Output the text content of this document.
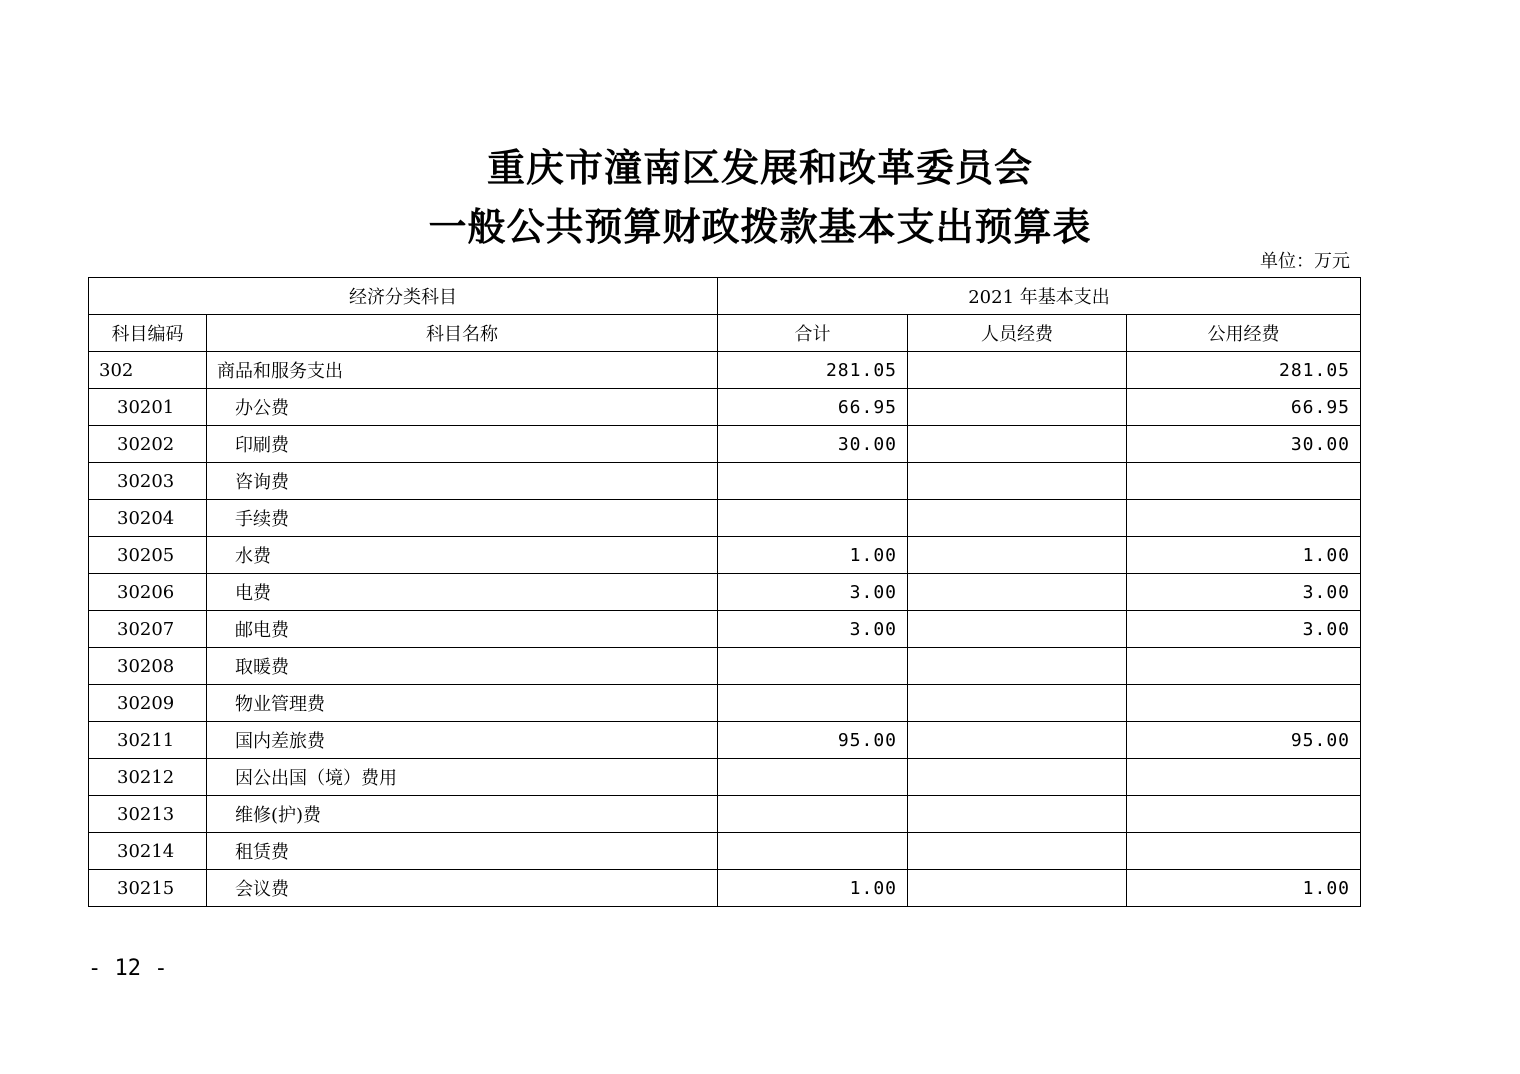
重庆市潼南区发展和改革委员会
一般公共预算财政拨款基本支出预算表
单位：万元
经济分类科目		2021 年基本支出		
科目编码	科目名称	合计	人员经费	公用经费
302	商品和服务支出	281.05		281.05
30201	办公费	66.95		66.95
30202	印刷费	30.00		30.00
30203	咨询费			
30204	手续费			
30205	水费	1.00		1.00
30206	电费	3.00		3.00
30207	邮电费	3.00		3.00
30208	取暖费			
30209	物业管理费			
30211	国内差旅费	95.00		95.00
30212	因公出国（境）费用			
30213	维修(护)费			
30214	租赁费			
30215	会议费	1.00		1.00
- 12 -
